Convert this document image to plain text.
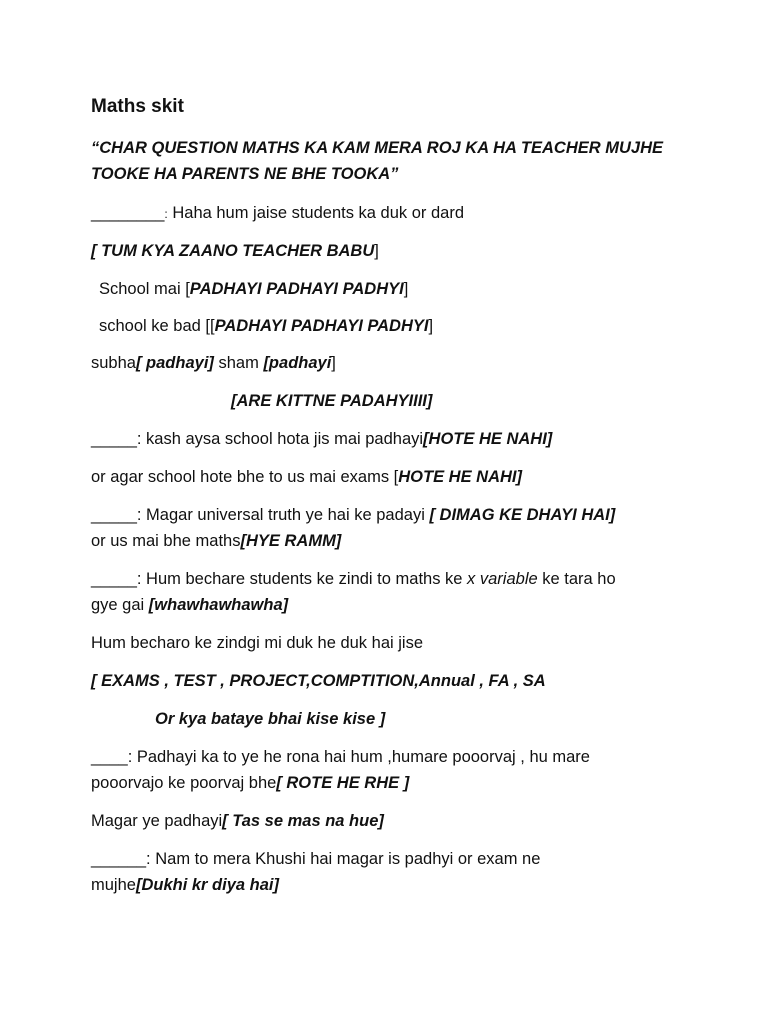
Maths skit
“CHAR QUESTION MATHS KA KAM MERA ROJ KA HA TEACHER MUJHE
TOOKE HA PARENTS NE BHE TOOKA”
________: Haha hum jaise students ka duk or dard
[ TUM KYA ZAANO TEACHER BABU]
School mai [PADHAYI PADHAYI PADHYI]
school ke bad [[PADHAYI PADHAYI PADHYI]
subha[ padhayi] sham [padhayi]
[ARE KITTNE PADAHYIIII]
_____: kash aysa school hota jis mai padhayi[HOTE HE NAHI]
or agar school hote bhe to us mai exams [HOTE HE NAHI]
_____: Magar universal truth ye hai ke padayi [ DIMAG KE DHAYI HAI]
or us mai bhe maths[HYE RAMM]
_____: Hum bechare students ke zindi to maths ke x variable ke tara ho
gye gai [whawhawhawha]
Hum becharo ke zindgi mi duk he duk hai jise
[ EXAMS , TEST , PROJECT,COMPTITION,Annual , FA , SA
Or kya bataye bhai kise kise ]
____: Padhayi ka to ye he rona hai hum ,humare pooorvaj , hu mare
pooorvajo ke poorvaj bhe[ ROTE HE RHE ]
Magar ye padhayi[ Tas se mas na hue]
______: Nam to mera Khushi hai magar is padhyi or exam ne
mujhe[Dukhi kr diya hai]
